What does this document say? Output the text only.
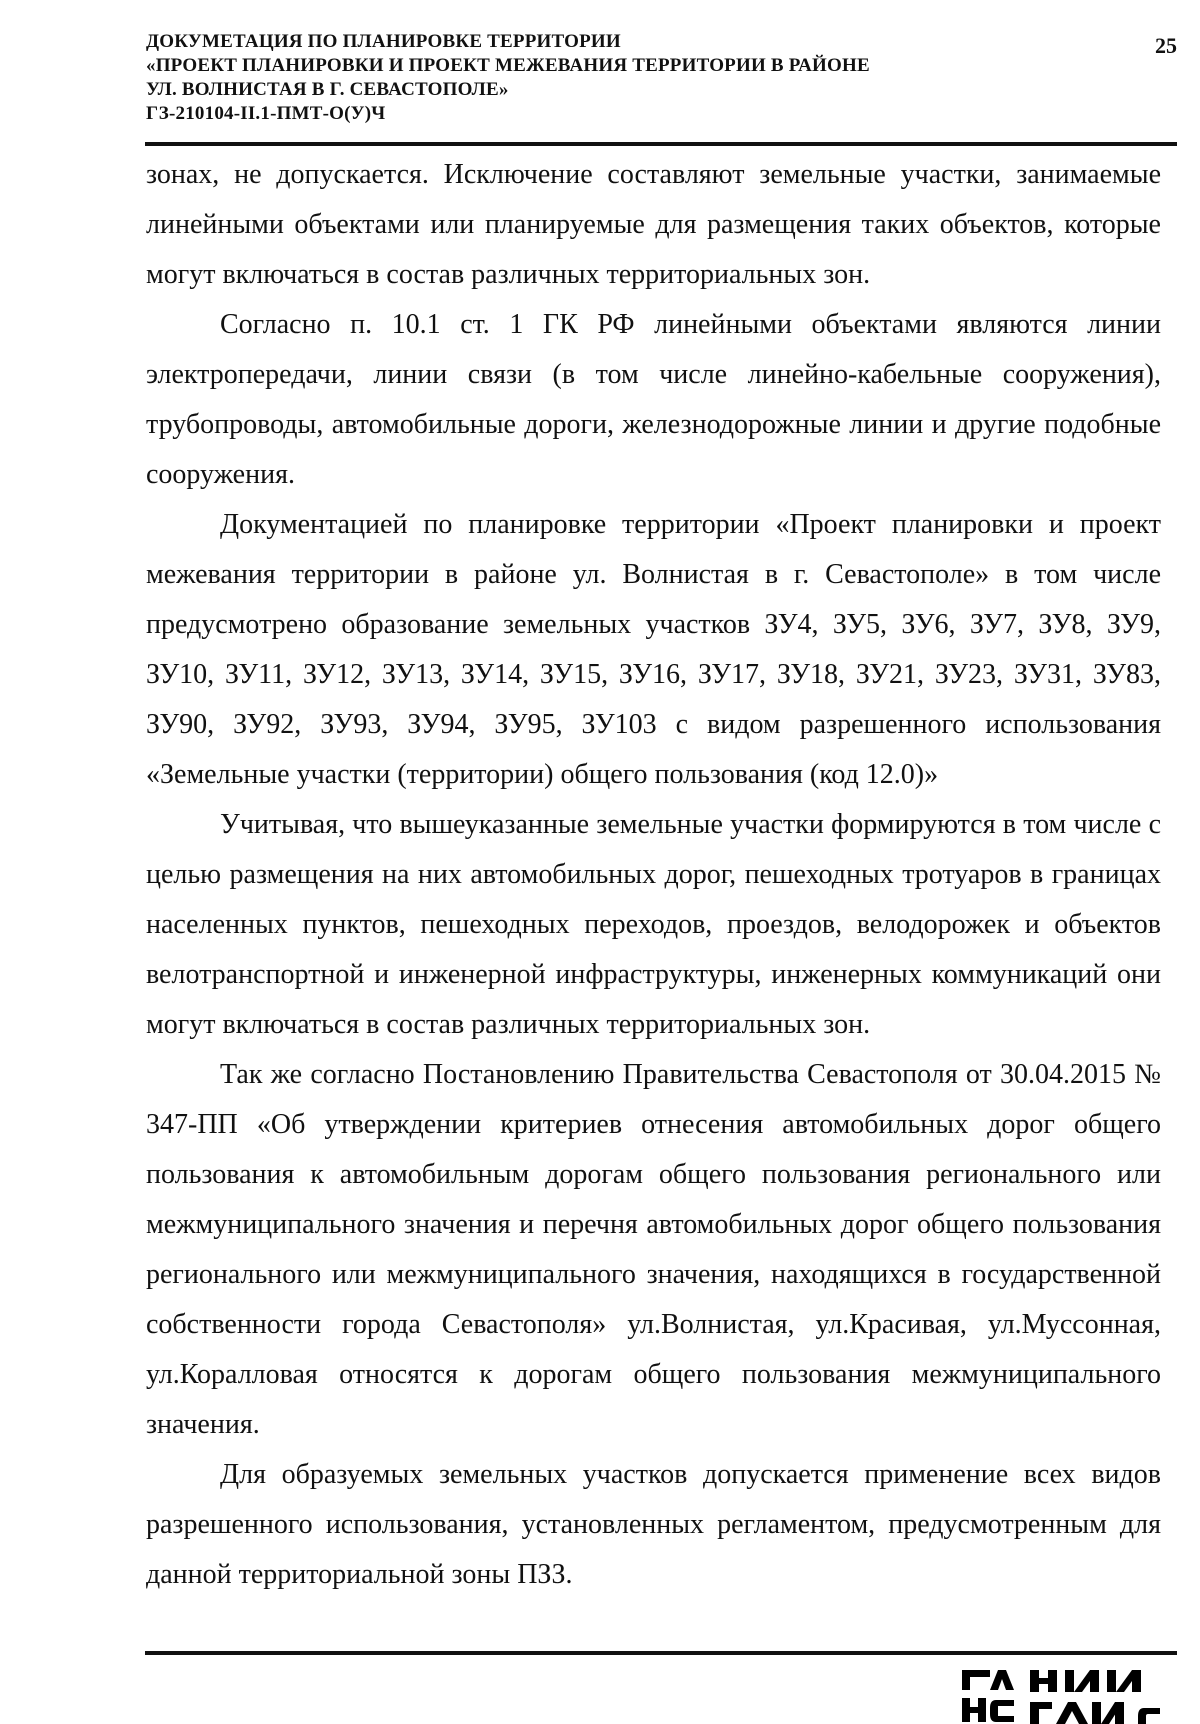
ДОКУМЕТАЦИЯ ПО ПЛАНИРОВКЕ ТЕРРИТОРИИ
«ПРОЕКТ ПЛАНИРОВКИ И ПРОЕКТ МЕЖЕВАНИЯ ТЕРРИТОРИИ В РАЙОНЕ
УЛ. ВОЛНИСТАЯ В Г. СЕВАСТОПОЛЕ»
ГЗ-210104-II.1-ПМТ-О(У)Ч
25

зонах, не допускается. Исключение составляют земельные участки, занимаемые линейными объектами или планируемые для размещения таких объектов, которые могут включаться в состав различных территориальных зон.

Согласно п. 10.1 ст. 1 ГК РФ линейными объектами являются линии электропередачи, линии связи (в том числе линейно-кабельные сооружения), трубопроводы, автомобильные дороги, железнодорожные линии и другие подобные сооружения.

Документацией по планировке территории «Проект планировки и проект межевания территории в районе ул. Волнистая в г. Севастополе» в том числе предусмотрено образование земельных участков ЗУ4, ЗУ5, ЗУ6, ЗУ7, ЗУ8, ЗУ9, ЗУ10, ЗУ11, ЗУ12, ЗУ13, ЗУ14, ЗУ15, ЗУ16, ЗУ17, ЗУ18, ЗУ21, ЗУ23, ЗУ31, ЗУ83, ЗУ90, ЗУ92, ЗУ93, ЗУ94, ЗУ95, ЗУ103 с видом разрешенного использования «Земельные участки (территории) общего пользования (код 12.0)»

Учитывая, что вышеуказанные земельные участки формируются в том числе с целью размещения на них автомобильных дорог, пешеходных тротуаров в границах населенных пунктов, пешеходных переходов, проездов, велодорожек и объектов велотранспортной и инженерной инфраструктуры, инженерных коммуникаций они могут включаться в состав различных территориальных зон.

Так же согласно Постановлению Правительства Севастополя от 30.04.2015 № 347-ПП «Об утверждении критериев отнесения автомобильных дорог общего пользования к автомобильным дорогам общего пользования регионального или межмуниципального значения и перечня автомобильных дорог общего пользования регионального или межмуниципального значения, находящихся в государственной собственности города Севастополя» ул.Волнистая, ул.Красивая, ул.Муссонная, ул.Коралловая относятся к дорогам общего пользования межмуниципального значения.

Для образуемых земельных участков допускается применение всех видов разрешенного использования, установленных регламентом, предусмотренным для данной территориальной зоны ПЗЗ.
